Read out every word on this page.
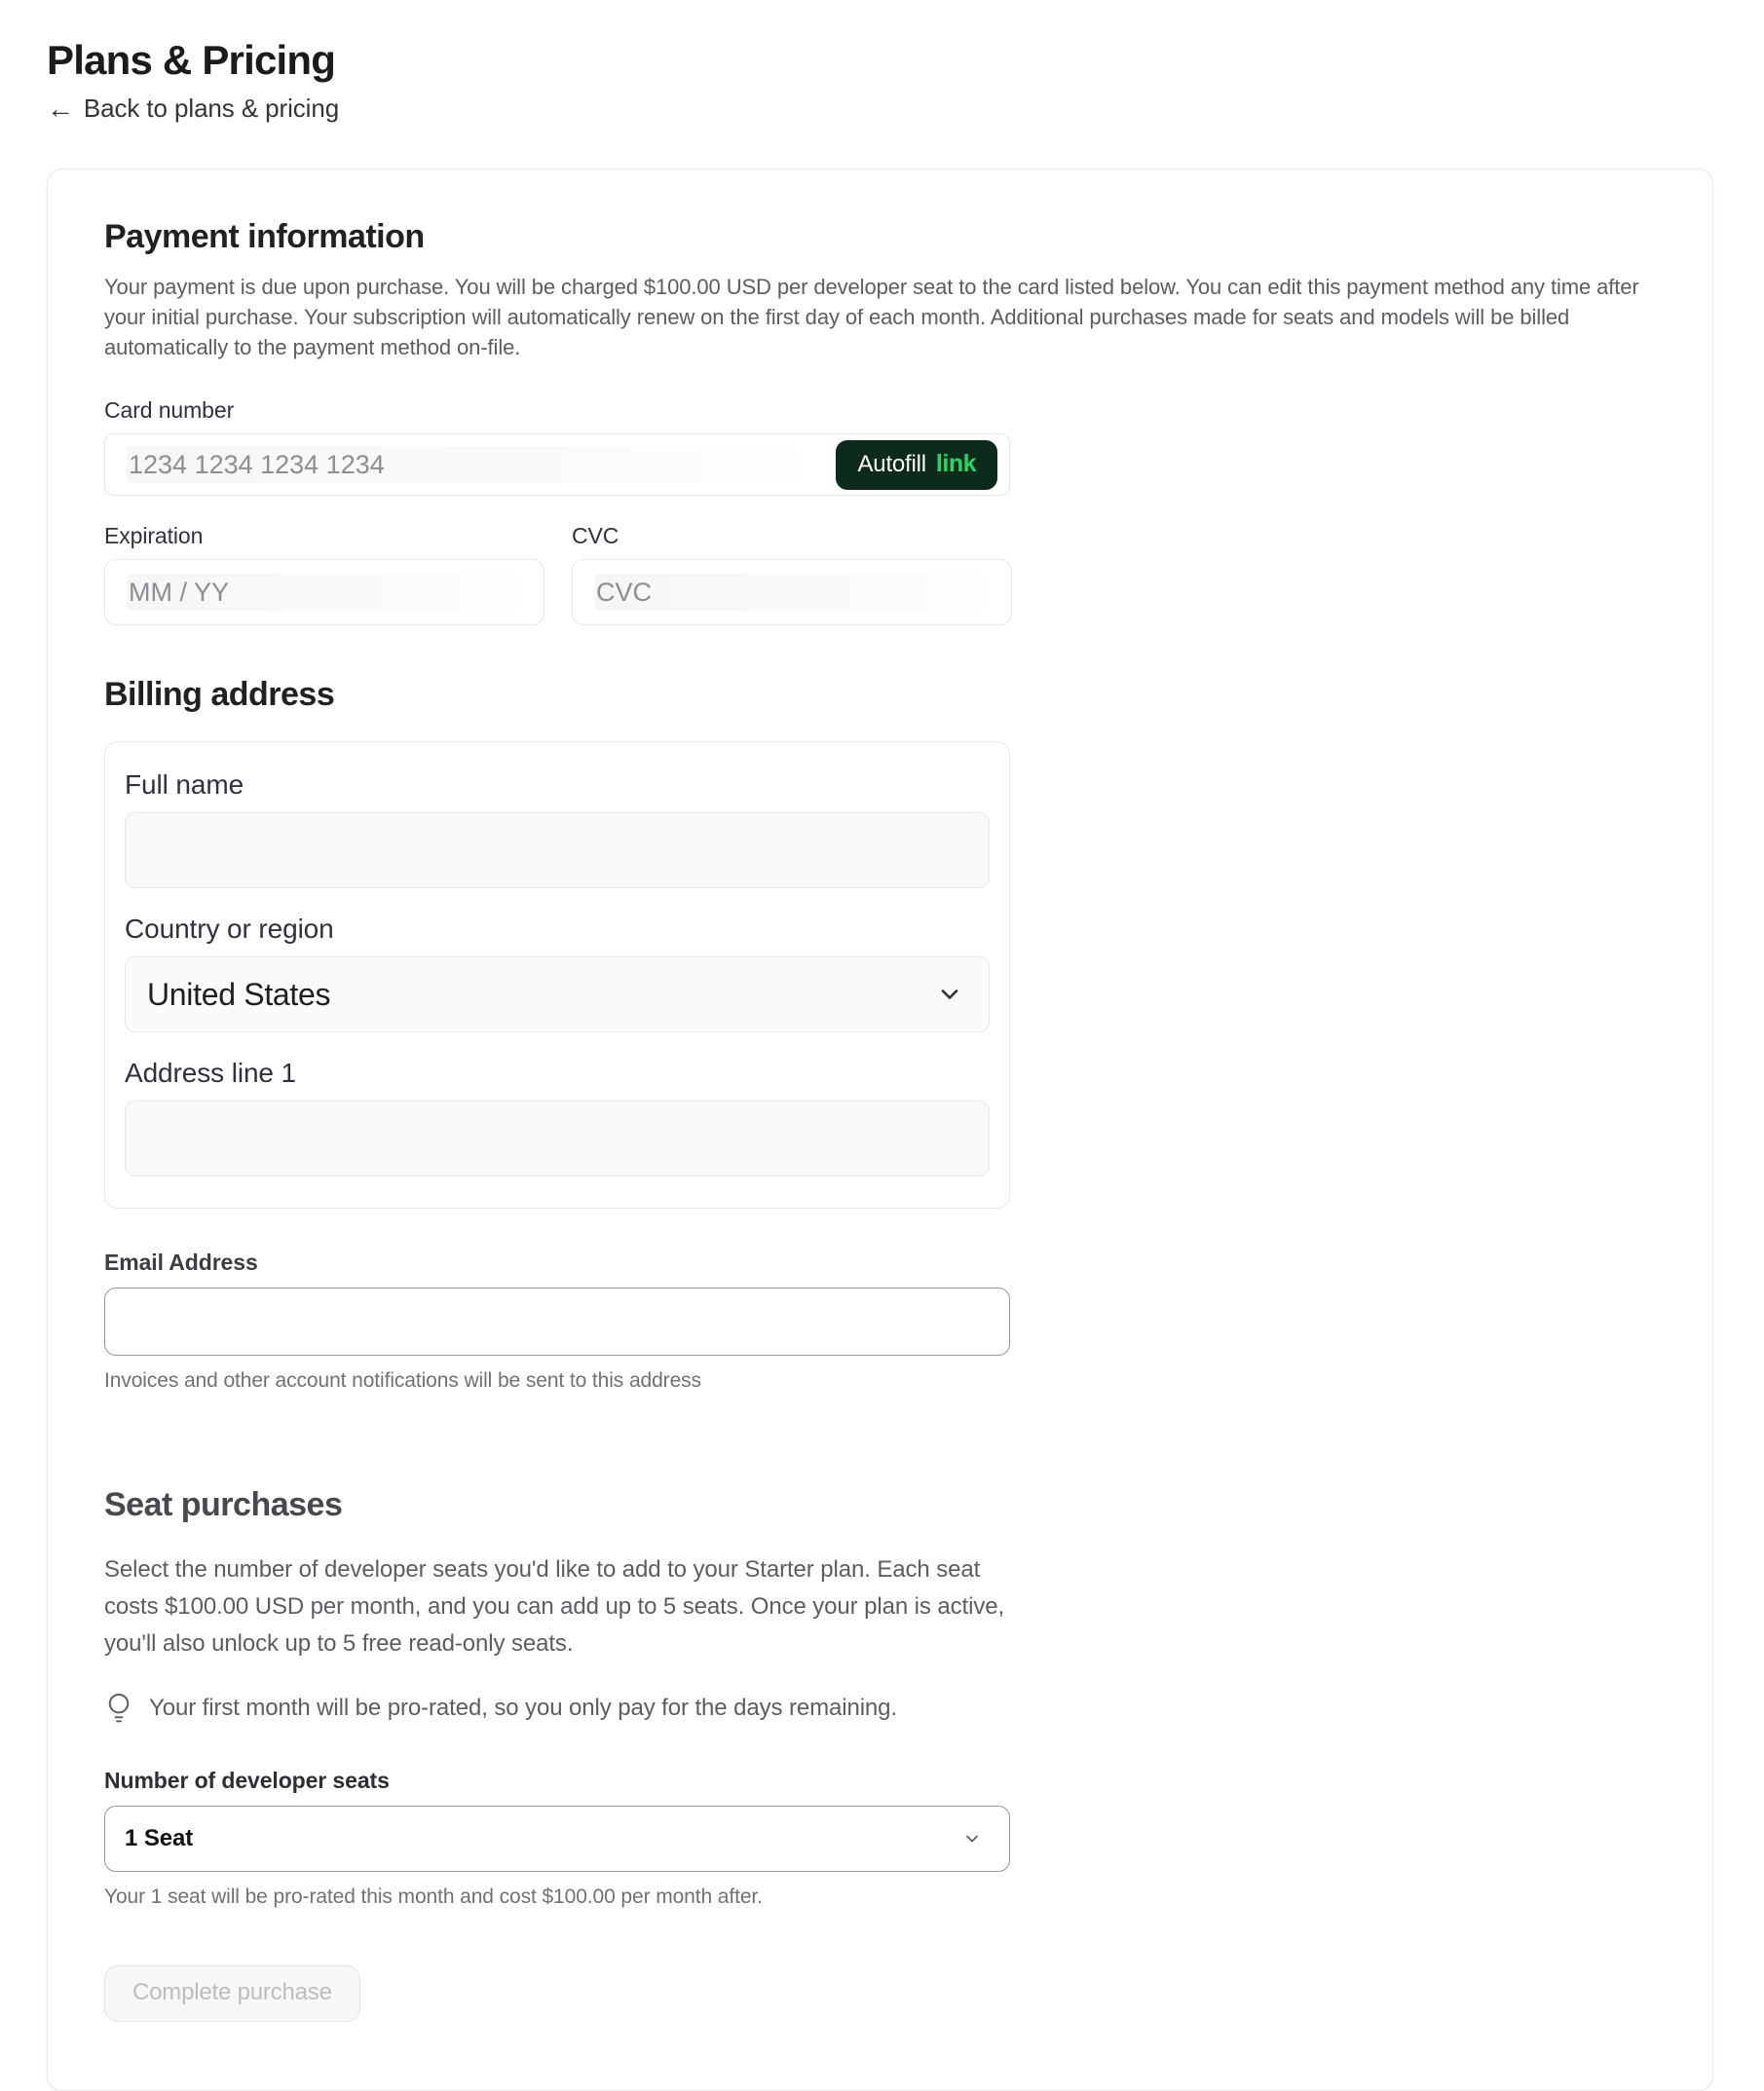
Plans & Pricing
← Back to plans & pricing
Payment information

Your payment is due upon purchase. You will be charged $100.00 USD per developer seat to the card listed below. You can edit this payment method any time after your initial purchase. Your subscription will automatically renew on the first day of each month. Additional purchases made for seats and models will be billed automatically to the payment method on-file.

Card number
1234 1234 1234 1234	Autofill link
Expiration
MM / YY
CVC
CVC
Billing address
Full name
Country or region
United States
Address line 1
Email Address
Invoices and other account notifications will be sent to this address
Seat purchases

Select the number of developer seats you'd like to add to your Starter plan. Each seat costs $100.00 USD per month, and you can add up to 5 seats. Once your plan is active, you'll also unlock up to 5 free read-only seats.

Your first month will be pro-rated, so you only pay for the days remaining.
Number of developer seats
1 Seat
Your 1 seat will be pro-rated this month and cost $100.00 per month after.
Complete purchase
